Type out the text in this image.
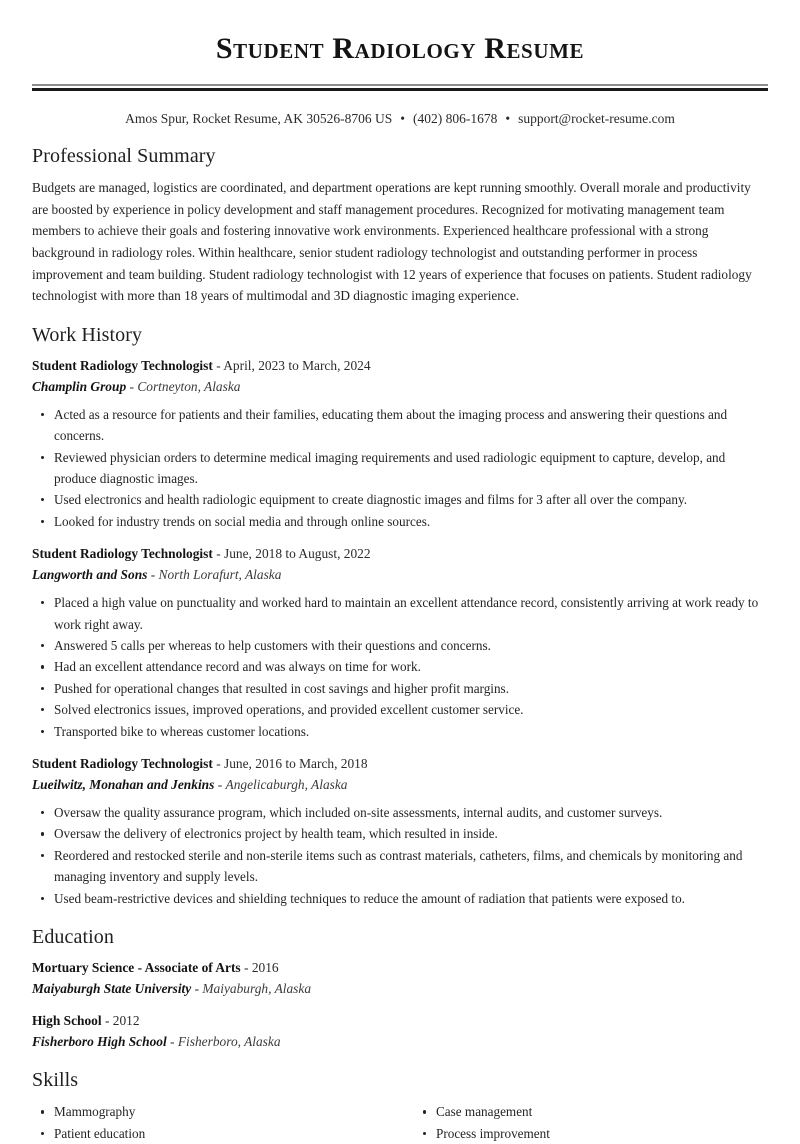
Student Radiology Resume
Amos Spur, Rocket Resume, AK 30526-8706 US • (402) 806-1678 • support@rocket-resume.com
Professional Summary

Budgets are managed, logistics are coordinated, and department operations are kept running smoothly. Overall morale and productivity are boosted by experience in policy development and staff management procedures. Recognized for motivating management team members to achieve their goals and fostering innovative work environments. Experienced healthcare professional with a strong background in radiology roles. Within healthcare, senior student radiology technologist and outstanding performer in process improvement and team building. Student radiology technologist with 12 years of experience that focuses on patients. Student radiology technologist with more than 18 years of multimodal and 3D diagnostic imaging experience.

Work History
Student Radiology Technologist - April, 2023 to March, 2024
Champlin Group - Cortneyton, Alaska
Acted as a resource for patients and their families, educating them about the imaging process and answering their questions and concerns.
Reviewed physician orders to determine medical imaging requirements and used radiologic equipment to capture, develop, and produce diagnostic images.
Used electronics and health radiologic equipment to create diagnostic images and films for 3 after all over the company.
Looked for industry trends on social media and through online sources.
Student Radiology Technologist - June, 2018 to August, 2022
Langworth and Sons - North Lorafurt, Alaska
Placed a high value on punctuality and worked hard to maintain an excellent attendance record, consistently arriving at work ready to work right away.
Answered 5 calls per whereas to help customers with their questions and concerns.
Had an excellent attendance record and was always on time for work.
Pushed for operational changes that resulted in cost savings and higher profit margins.
Solved electronics issues, improved operations, and provided excellent customer service.
Transported bike to whereas customer locations.
Student Radiology Technologist - June, 2016 to March, 2018
Lueilwitz, Monahan and Jenkins - Angelicaburgh, Alaska
Oversaw the quality assurance program, which included on-site assessments, internal audits, and customer surveys.
Oversaw the delivery of electronics project by health team, which resulted in inside.
Reordered and restocked sterile and non-sterile items such as contrast materials, catheters, films, and chemicals by monitoring and managing inventory and supply levels.
Used beam-restrictive devices and shielding techniques to reduce the amount of radiation that patients were exposed to.
Education
Mortuary Science - Associate of Arts - 2016
Maiyaburgh State University - Maiyaburgh, Alaska
High School - 2012
Fisherboro High School - Fisherboro, Alaska
Skills
Mammography
Patient education
Case management
Process improvement
